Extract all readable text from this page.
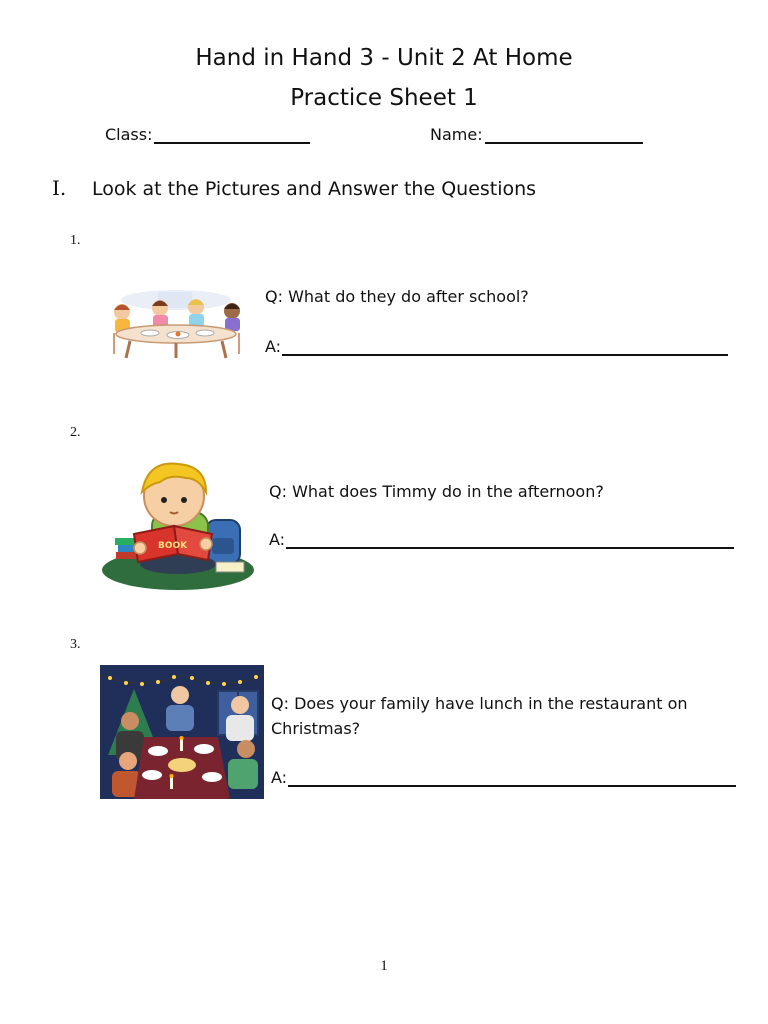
Hand in Hand 3 - Unit 2 At Home
Practice Sheet 1
Class:	Name:
I. Look at the Pictures and Answer the Questions
1.
Q: What do they do after school?
A:
2.
BOOK
Q: What does Timmy do in the afternoon?
A:
3.
Q: Does your family have lunch in the restaurant on Christmas?
A:
1
